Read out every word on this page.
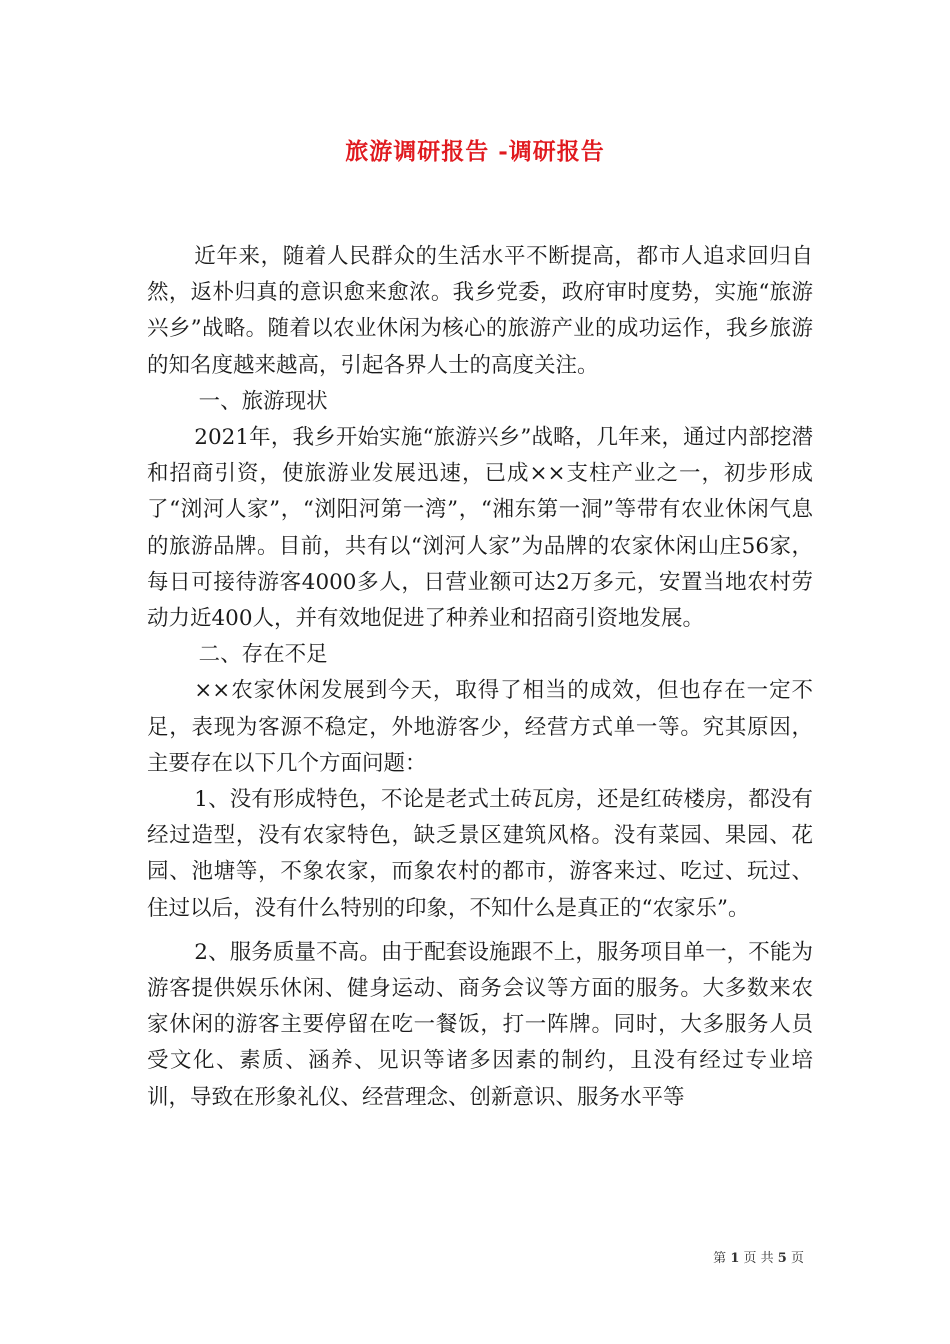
旅游调研报告 -调研报告

近年来，随着人民群众的生活水平不断提高，都市人追求回归自然，返朴归真的意识愈来愈浓。我乡党委，政府审时度势，实施“旅游兴乡”战略。随着以农业休闲为核心的旅游产业的成功运作，我乡旅游的知名度越来越高，引起各界人士的高度关注。

一、旅游现状

2021年，我乡开始实施“旅游兴乡”战略，几年来，通过内部挖潜和招商引资，使旅游业发展迅速，已成××支柱产业之一，初步形成了“浏河人家”，“浏阳河第一湾”，“湘东第一洞”等带有农业休闲气息的旅游品牌。目前，共有以“浏河人家”为品牌的农家休闲山庄56家，每日可接待游客4000多人，日营业额可达2万多元，安置当地农村劳动力近400人，并有效地促进了种养业和招商引资地发展。

二、存在不足

××农家休闲发展到今天，取得了相当的成效，但也存在一定不足，表现为客源不稳定，外地游客少，经营方式单一等。究其原因，主要存在以下几个方面问题：

1、没有形成特色，不论是老式土砖瓦房，还是红砖楼房，都没有经过造型，没有农家特色，缺乏景区建筑风格。没有菜园、果园、花园、池塘等，不象农家，而象农村的都市，游客来过、吃过、玩过、住过以后，没有什么特别的印象，不知什么是真正的“农家乐”。

2、服务质量不高。由于配套设施跟不上，服务项目单一，不能为游客提供娱乐休闲、健身运动、商务会议等方面的服务。大多数来农家休闲的游客主要停留在吃一餐饭，打一阵牌。同时，大多服务人员受文化、素质、涵养、见识等诸多因素的制约，且没有经过专业培训，导致在形象礼仪、经营理念、创新意识、服务水平等

第 1 页 共 5 页
